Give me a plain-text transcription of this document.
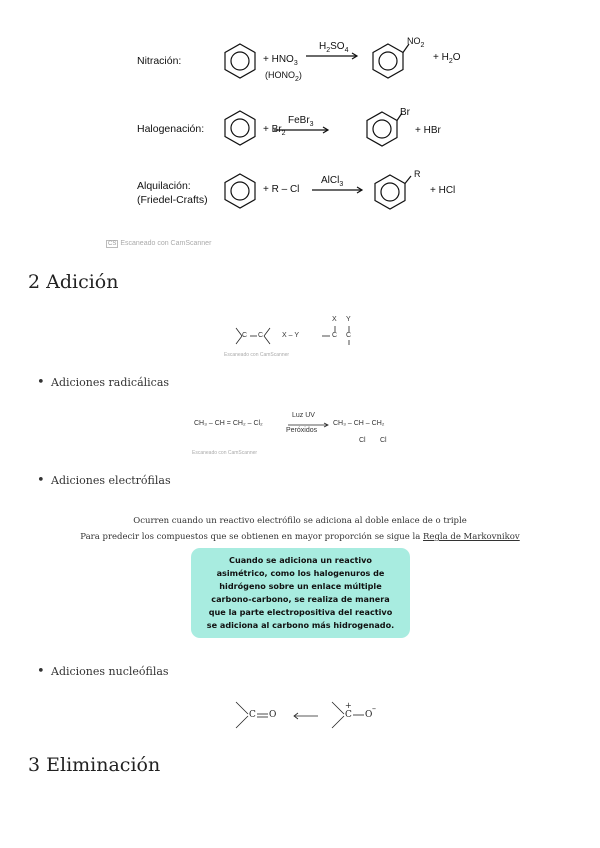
Nitración:	+ $HNO_3$
$(HONO_2)$
$H_2SO_4$
$NO_2$
+ $H_2O$
Halogenación:	+ $Br_2$
FeBr$_3$
Br
+ HBr
Alquilación:
(Friedel-Crafts)
+ R – Cl
AlCl$_3$
R
+ HCl
CS Escaneado con CamScanner
2 Adición
C C	X – Y
X Y
C C
Escaneado con CamScanner
• Adiciones radicálicas
CH₃ – CH = CH₂ – Cl₂
Luz UV
Peróxidos
CH₃ – CH – CH₂
Cl Cl
Escaneado con CamScanner
• Adiciones electrófilas
Ocurren cuando un reactivo electrófilo se adiciona al doble enlace de o triple
Para predecir los compuestos que se obtienen en mayor proporción se sigue la Regla de Markovnikov
Cuando se adiciona un reactivo
asimétrico, como los halogenuros de
hidrógeno sobre un enlace múltiple
carbono-carbono, se realiza de manera
que la parte electropositiva del reactivo
se adiciona al carbono más hidrogenado.
• Adiciones nucleófilas
C O	C
+
O
–
3 Eliminación
